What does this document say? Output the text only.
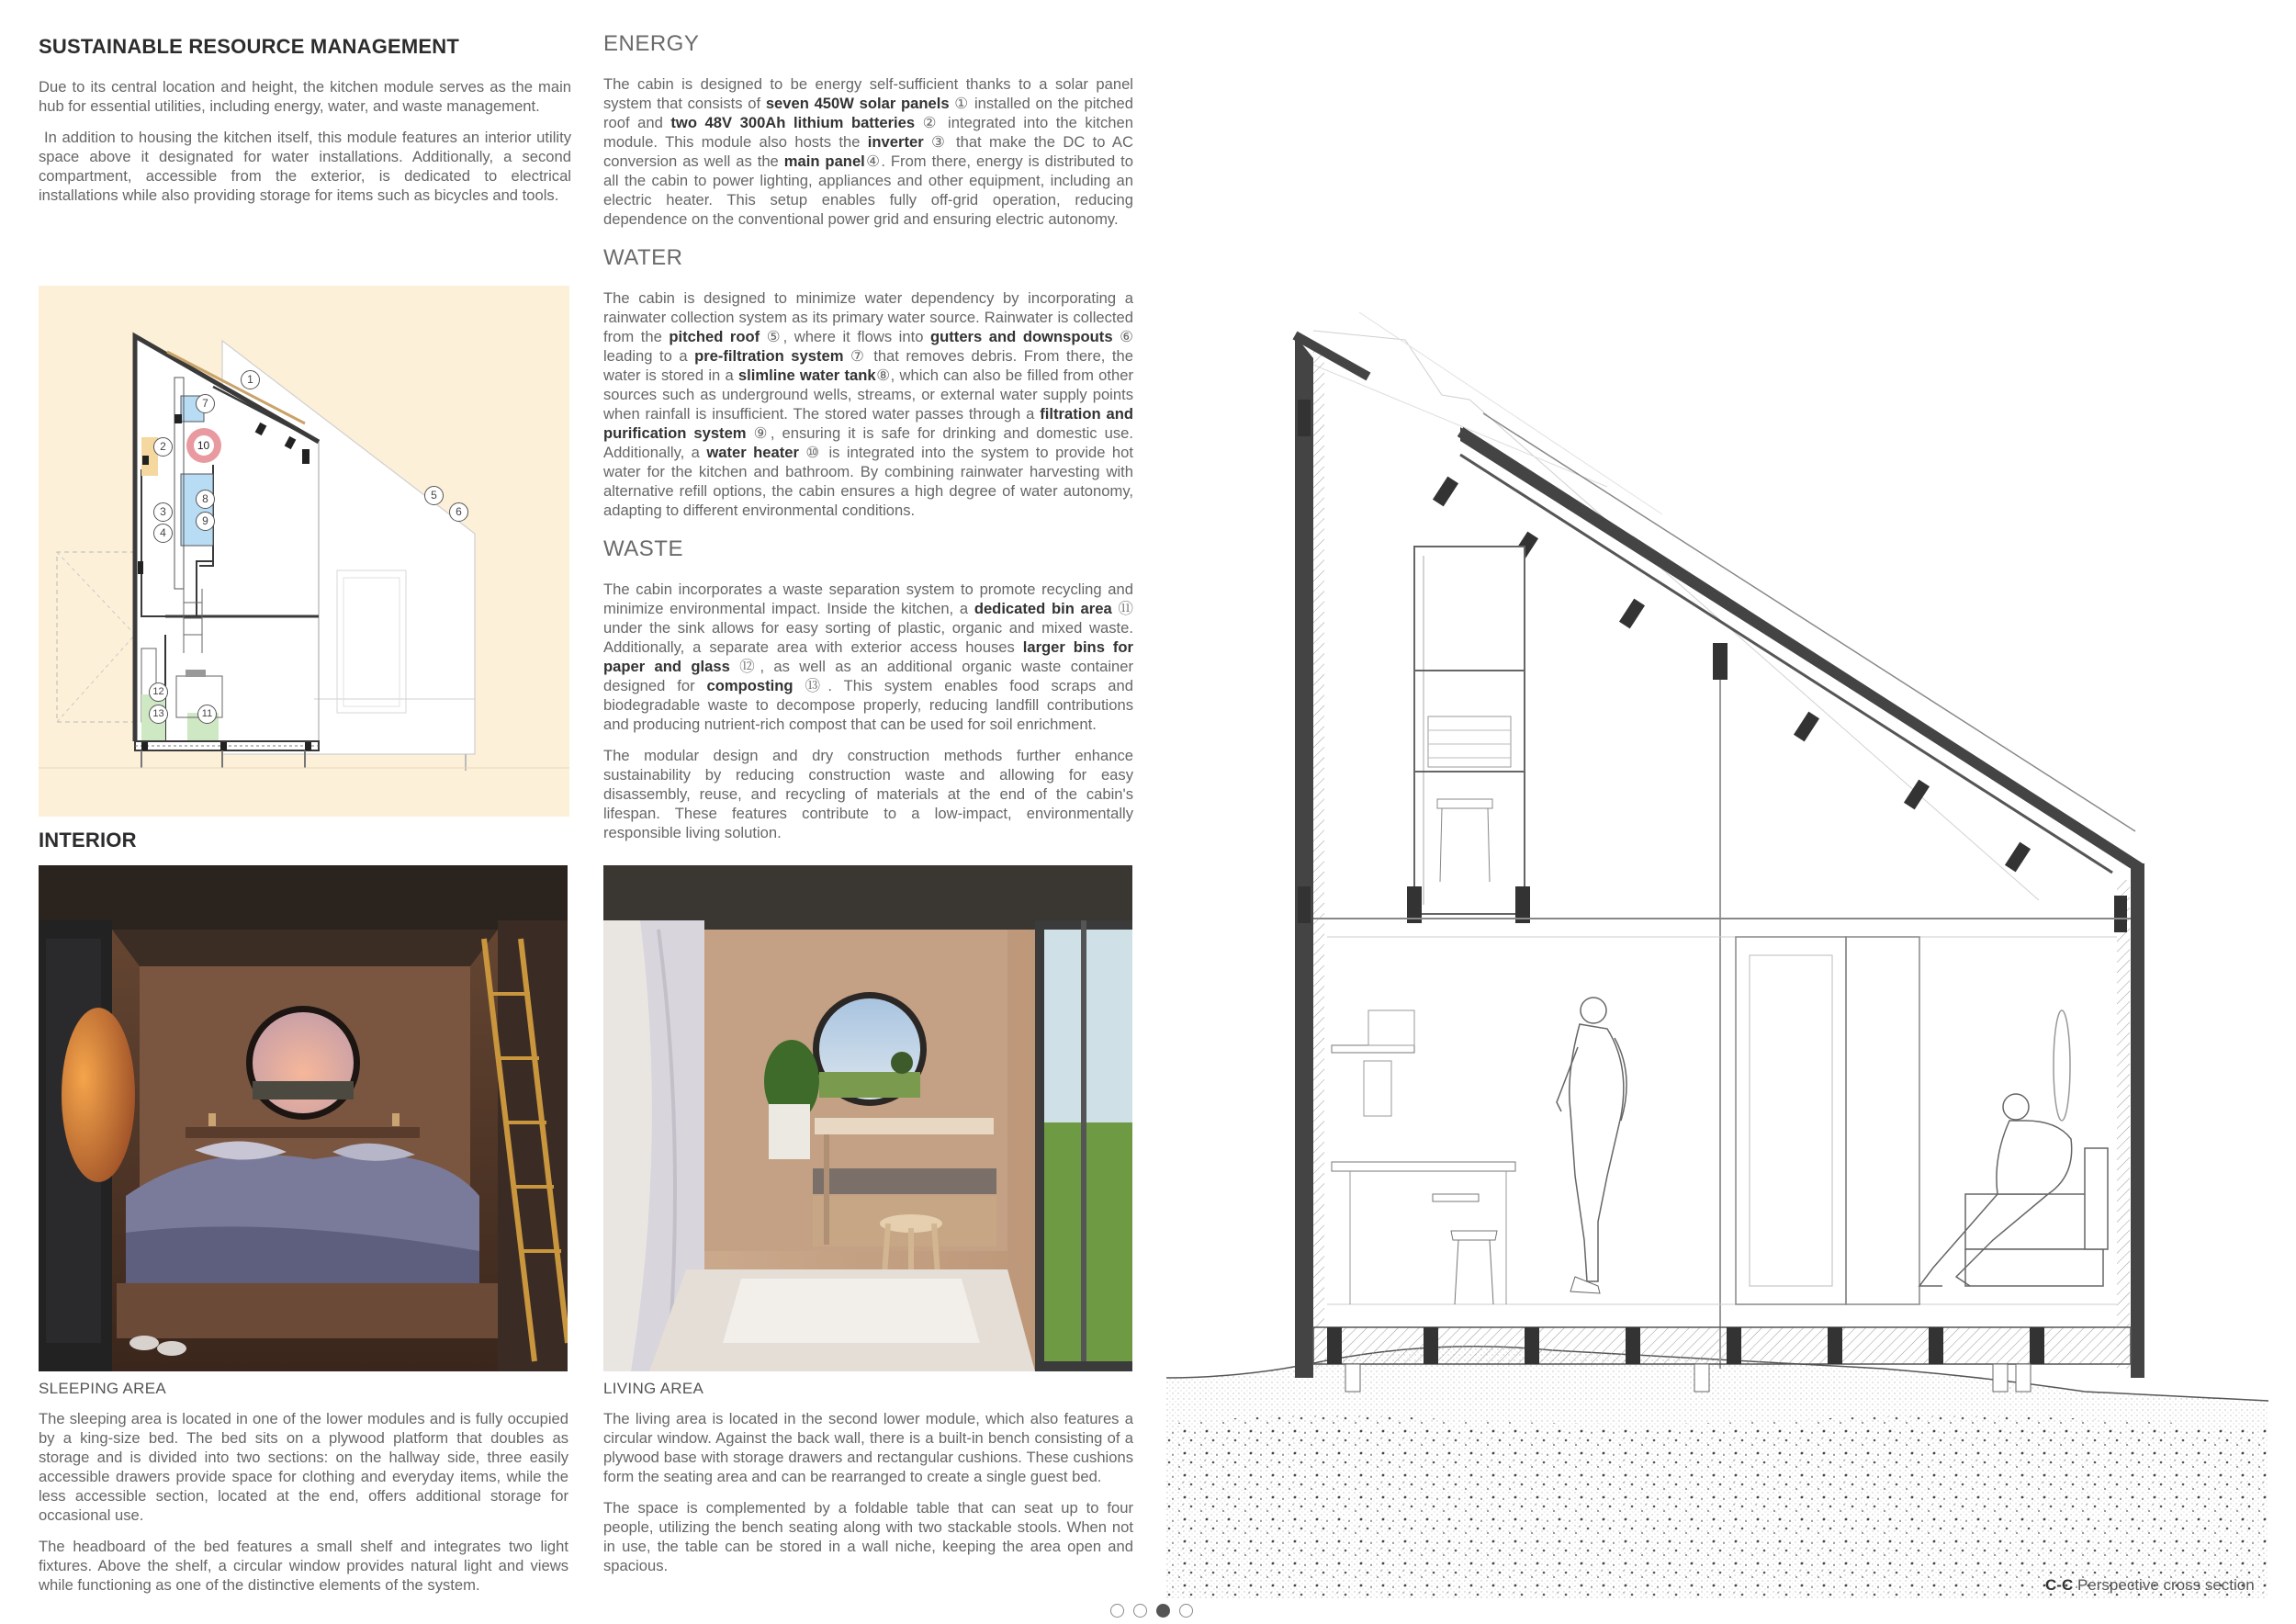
SUSTAINABLE RESOURCE MANAGEMENT

Due to its central location and height, the kitchen module serves as the main hub for essential utilities, including energy, water, and waste management.

In addition to housing the kitchen itself, this module features an interior utility space above it designated for water installations. Additionally, a second compartment, accessible from the exterior, is dedicated to electrical installations while also providing storage for items such as bicycles and tools.

1
2
3
4
5
6
7
10
8
9
12
13	11
ENERGY

The cabin is designed to be energy self-sufficient thanks to a solar panel system that consists of seven 450W solar panels ① installed on the pitched roof and two 48V 300Ah lithium batteries ② integrated into the kitchen module. This module also hosts the inverter ③ that make the DC to AC conversion as well as the main panel④. From there, energy is distributed to all the cabin to power lighting, appliances and other equipment, including an electric heater. This setup enables fully off-grid operation, reducing dependence on the conventional power grid and ensuring electric autonomy.

WATER

The cabin is designed to minimize water dependency by incorporating a rainwater collection system as its primary water source. Rainwater is collected from the pitched roof ⑤, where it flows into gutters and downspouts ⑥ leading to a pre-filtration system ⑦ that removes debris. From there, the water is stored in a slimline water tank⑧, which can also be filled from other sources such as underground wells, streams, or external water supply points when rainfall is insufficient. The stored water passes through a filtration and purification system ⑨, ensuring it is safe for drinking and domestic use. Additionally, a water heater ⑩ is integrated into the system to provide hot water for the kitchen and bathroom. By combining rainwater harvesting with alternative refill options, the cabin ensures a high degree of water autonomy, adapting to different environmental conditions.

WASTE

The cabin incorporates a waste separation system to promote recycling and minimize environmental impact. Inside the kitchen, a dedicated bin area ⑪ under the sink allows for easy sorting of plastic, organic and mixed waste. Additionally, a separate area with exterior access houses larger bins for paper and glass ⑫, as well as an additional organic waste container designed for composting ⑬. This system enables food scraps and biodegradable waste to decompose properly, reducing landfill contributions and producing nutrient-rich compost that can be used for soil enrichment.

The modular design and dry construction methods further enhance sustainability by reducing construction waste and allowing for easy disassembly, reuse, and recycling of materials at the end of the cabin's lifespan. These features contribute to a low-impact, environmentally responsible living solution.

INTERIOR
SLEEPING AREA

The sleeping area is located in one of the lower modules and is fully occupied by a king-size bed. The bed sits on a plywood platform that doubles as storage and is divided into two sections: on the hallway side, three easily accessible drawers provide space for clothing and everyday items, while the less accessible section, located at the end, offers additional storage for occasional use.

The headboard of the bed features a small shelf and integrates two light fixtures. Above the shelf, a circular window provides natural light and views while functioning as one of the distinctive elements of the system.

LIVING AREA

The living area is located in the second lower module, which also features a circular window. Against the back wall, there is a built-in bench consisting of a plywood base with storage drawers and rectangular cushions. These cushions form the seating area and can be rearranged to create a single guest bed.

The space is complemented by a foldable table that can seat up to four people, utilizing the bench seating along with two stackable stools. When not in use, the table can be stored in a wall niche, keeping the area open and spacious.

C-C Perspective cross section
